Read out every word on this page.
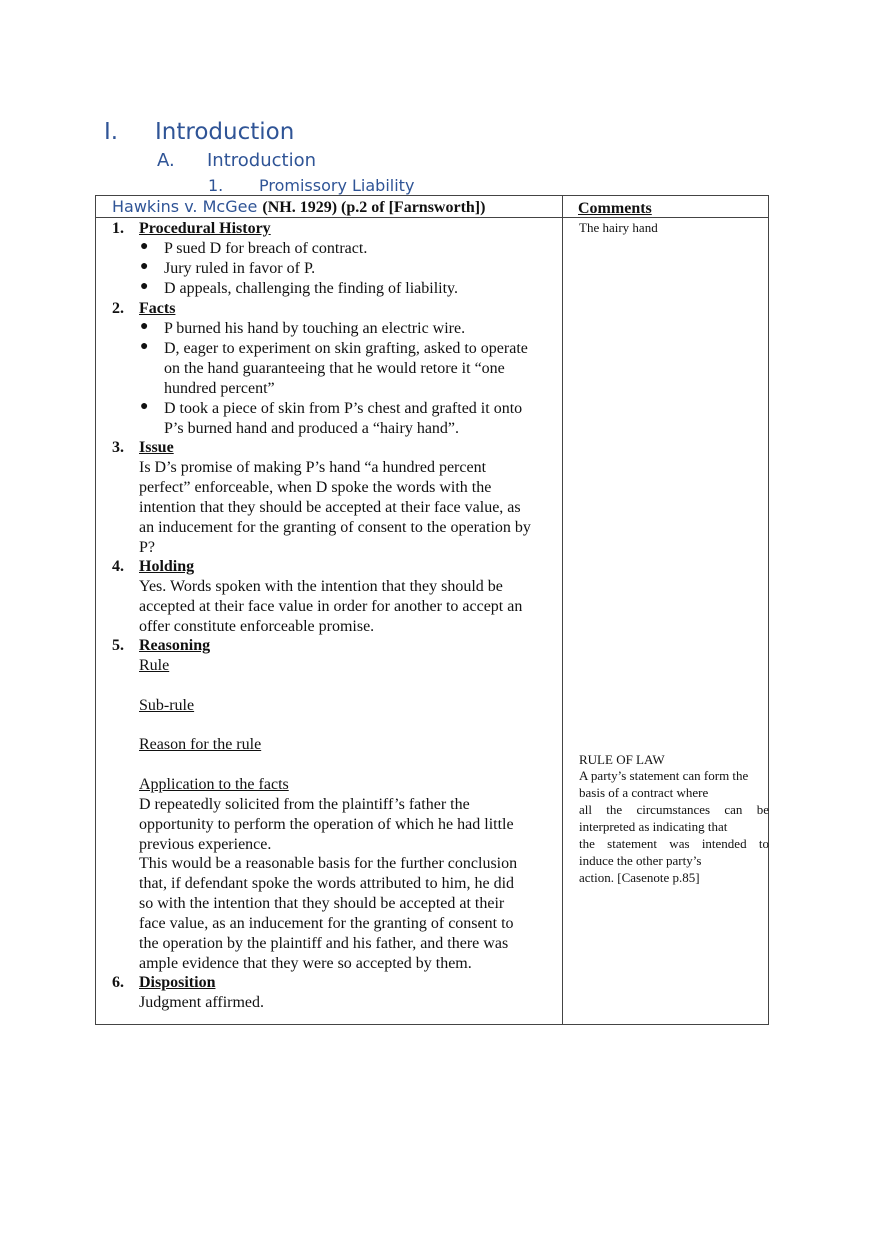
I. Introduction
A. Introduction
1. Promissory Liability
Hawkins v. McGee (NH. 1929) (p.2 of [Farnsworth])	Comments
1. Procedural History
● P sued D for breach of contract.
● Jury ruled in favor of P.
● D appeals, challenging the finding of liability.
2. Facts
● P burned his hand by touching an electric wire.
● D, eager to experiment on skin grafting, asked to operate
on the hand guaranteeing that he would retore it “one
hundred percent”
● D took a piece of skin from P’s chest and grafted it onto
P’s burned hand and produced a “hairy hand”.
3. Issue
Is D’s promise of making P’s hand “a hundred percent
perfect” enforceable, when D spoke the words with the
intention that they should be accepted at their face value, as
an inducement for the granting of consent to the operation by
P?
4. Holding
Yes. Words spoken with the intention that they should be
accepted at their face value in order for another to accept an
offer constitute enforceable promise.
5. Reasoning
Rule
Sub-rule
Reason for the rule
Application to the facts
D repeatedly solicited from the plaintiff’s father the
opportunity to perform the operation of which he had little
previous experience.
This would be a reasonable basis for the further conclusion
that, if defendant spoke the words attributed to him, he did
so with the intention that they should be accepted at their
face value, as an inducement for the granting of consent to
the operation by the plaintiff and his father, and there was
ample evidence that they were so accepted by them.
6. Disposition
Judgment affirmed.
The hairy hand
RULE OF LAW
A party’s statement can form the
basis of a contract where
all the circumstances can be
interpreted as indicating that
the statement was intended to
induce the other party’s
action. [Casenote p.85]
